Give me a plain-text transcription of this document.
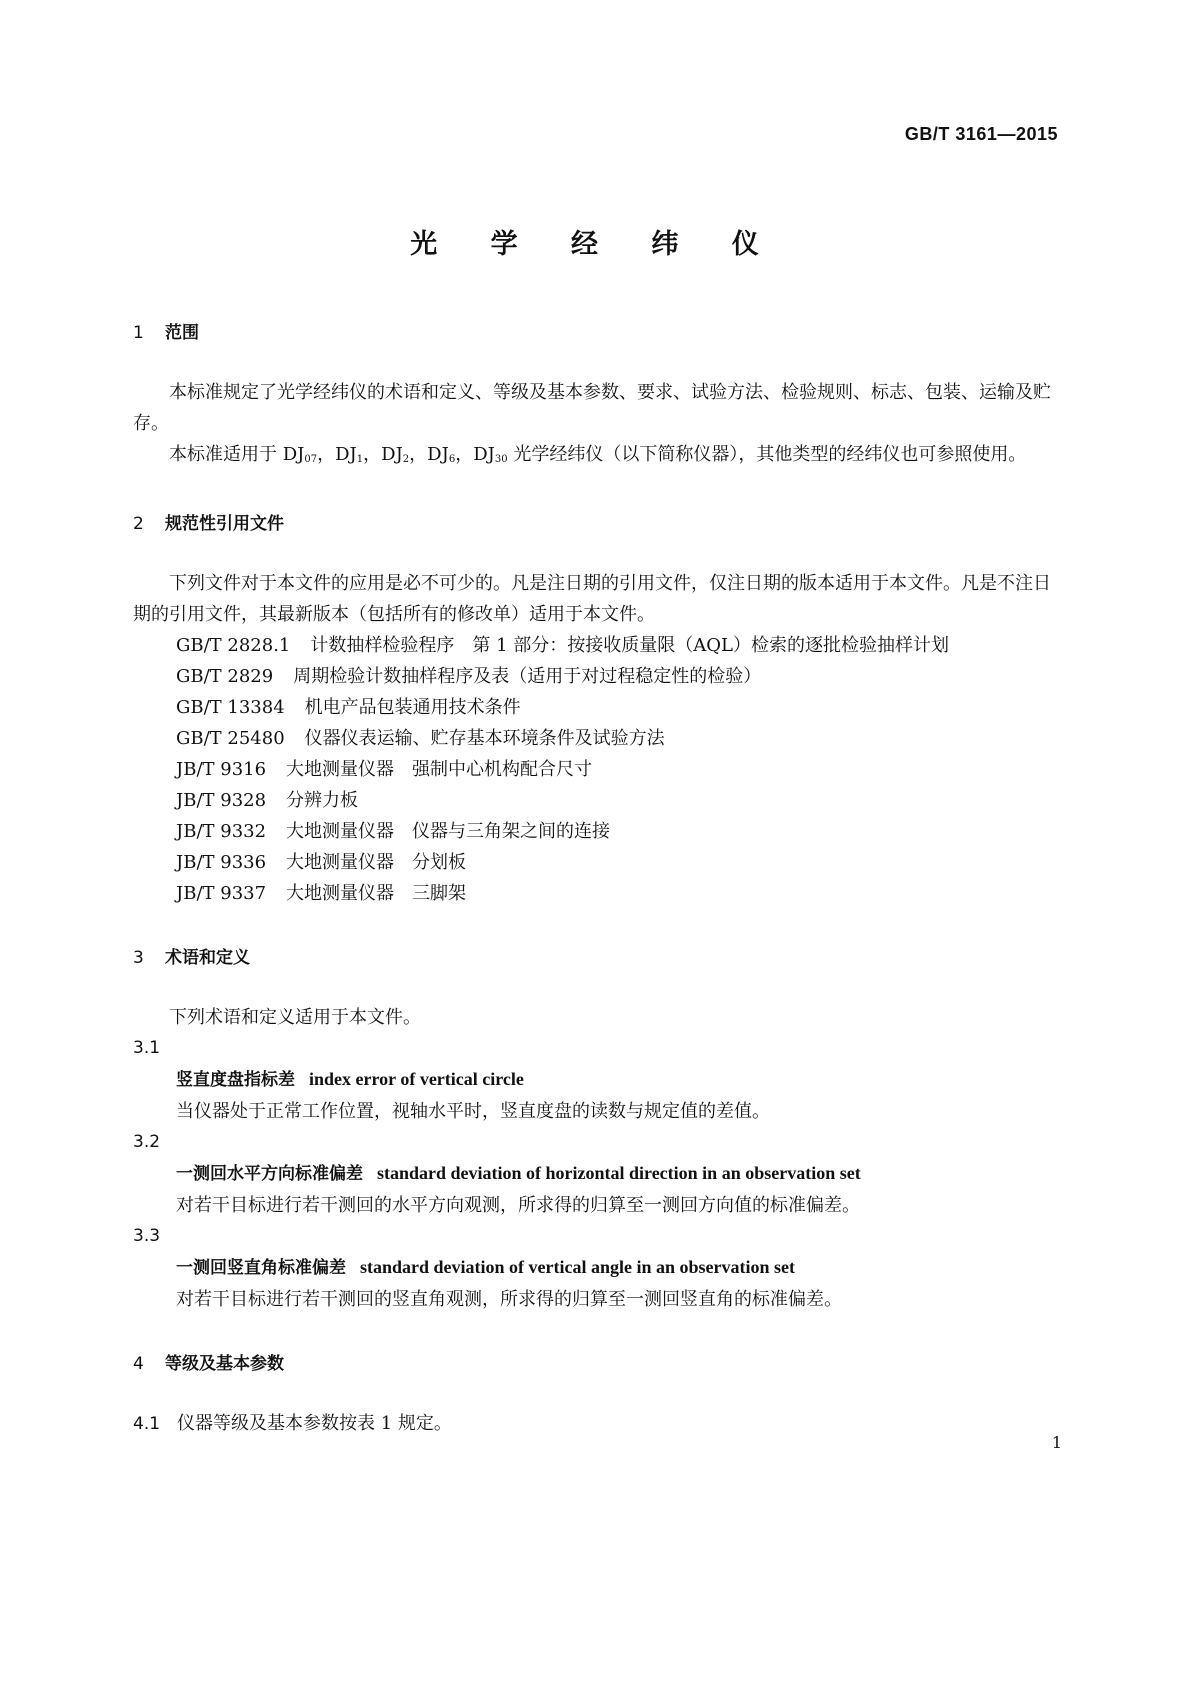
GB/T 3161—2015
光 学 经 纬 仪

1 范围

本标准规定了光学经纬仪的术语和定义、等级及基本参数、要求、试验方法、检验规则、标志、包装、运输及贮存。

本标准适用于 $DJ_{07}$，$DJ_1$，$DJ_2$，$DJ_6$，$DJ_{30}$ 光学经纬仪（以下简称仪器），其他类型的经纬仪也可参照使用。

2 规范性引用文件

下列文件对于本文件的应用是必不可少的。凡是注日期的引用文件，仅注日期的版本适用于本文件。凡是不注日期的引用文件，其最新版本（包括所有的修改单）适用于本文件。

GB/T 2828.1 计数抽样检验程序　第 1 部分：按接收质量限（AQL）检索的逐批检验抽样计划

GB/T 2829 周期检验计数抽样程序及表（适用于对过程稳定性的检验）

GB/T 13384 机电产品包装通用技术条件

GB/T 25480 仪器仪表运输、贮存基本环境条件及试验方法

JB/T 9316 大地测量仪器　强制中心机构配合尺寸

JB/T 9328 分辨力板

JB/T 9332 大地测量仪器　仪器与三角架之间的连接

JB/T 9336 大地测量仪器　分划板

JB/T 9337 大地测量仪器　三脚架

3 术语和定义

下列术语和定义适用于本文件。

3.1

竖直度盘指标差 index error of vertical circle

当仪器处于正常工作位置，视轴水平时，竖直度盘的读数与规定值的差值。

3.2

一测回水平方向标准偏差 standard deviation of horizontal direction in an observation set

对若干目标进行若干测回的水平方向观测，所求得的归算至一测回方向值的标准偏差。

3.3

一测回竖直角标准偏差 standard deviation of vertical angle in an observation set

对若干目标进行若干测回的竖直角观测，所求得的归算至一测回竖直角的标准偏差。

4 等级及基本参数

4.1 仪器等级及基本参数按表 1 规定。

1
